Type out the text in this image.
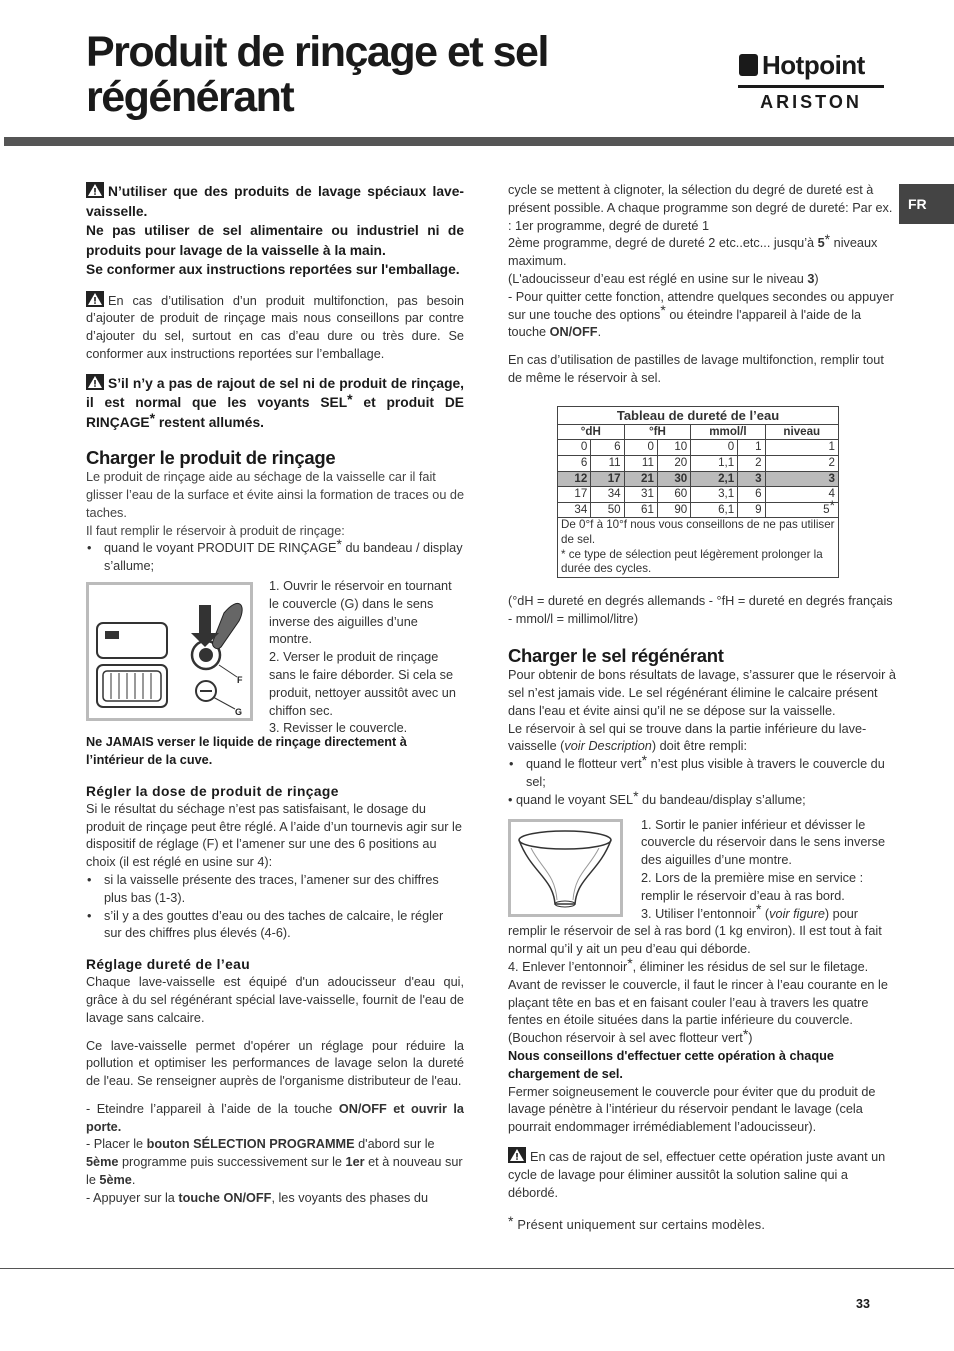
Produit de rinçage et sel
régénérant
Hotpoint
ARISTON
FR

N’utiliser que des produits de lavage spéciaux lave-vaisselle.
Ne pas utiliser de sel alimentaire ou industriel ni de produits pour lavage de la vaisselle à la main.
Se conformer aux instructions reportées sur l'emballage.

En cas d’utilisation d’un produit multifonction, pas besoin d’ajouter de produit de rinçage mais nous conseillons par contre d’ajouter du sel, surtout en cas d’eau dure ou très dure. Se conformer aux instructions reportées sur l’emballage.

S’il n’y a pas de rajout de sel ni de produit de rinçage, il est normal que les voyants SEL* et produit DE RINÇAGE* restent allumés.

Charger le produit de rinçage

Le produit de rinçage aide au séchage de la vaisselle car il fait glisser l’eau de la surface et évite ainsi la formation de traces ou de taches.

Il faut remplir le réservoir à produit de rinçage:

• quand le voyant PRODUIT DE RINÇAGE* du bandeau / display s’allume;
F
G

1. Ouvrir le réservoir en tournant le couvercle (G) dans le sens inverse des aiguilles d’une montre.

2. Verser le produit de rinçage sans le faire déborder. Si cela se produit, nettoyer aussitôt avec un chiffon sec.

3. Revisser le couvercle.

Ne JAMAIS verser le liquide de rinçage directement à l’intérieur de la cuve.

Régler la dose de produit de rinçage

Si le résultat du séchage n’est pas satisfaisant, le dosage du produit de rinçage peut être réglé. A l’aide d’un tournevis agir sur le dispositif de réglage (F) et l’amener sur une des 6 positions au choix (il est réglé en usine sur 4):

• si la vaisselle présente des traces, l’amener sur des chiffres plus bas (1-3).
• s’il y a des gouttes d’eau ou des taches de calcaire, le régler sur des chiffres plus élevés (4-6).
Réglage dureté de l’eau

Chaque lave-vaisselle est équipé d'un adoucisseur d'eau qui, grâce à du sel régénérant spécial lave-vaisselle, fournit de l'eau de lavage sans calcaire.

Ce lave-vaisselle permet d'opérer un réglage pour réduire la pollution et optimiser les performances de lavage selon la dureté de l'eau. Se renseigner auprès de l'organisme distributeur de l'eau.

- Eteindre l’appareil à l’aide de la touche ON/OFF et ouvrir la porte.

- Placer le bouton SÉLECTION PROGRAMME d'abord sur le 5ème programme puis successivement sur le 1er et à nouveau sur le 5ème.

- Appuyer sur la touche ON/OFF, les voyants des phases du

cycle se mettent à clignoter, la sélection du degré de dureté est à présent possible. A chaque programme son degré de dureté: Par ex. : 1er programme, degré de dureté 1

2ème programme, degré de dureté 2 etc..etc... jusqu’à 5* niveaux maximum.

(L'adoucisseur d’eau est réglé en usine sur le niveau 3)

- Pour quitter cette fonction, attendre quelques secondes ou appuyer sur une touche des options* ou éteindre l'appareil à l'aide de la touche ON/OFF.

En cas d’utilisation de pastilles de lavage multifonction, remplir tout de même le réservoir à sel.

Tableau de dureté de l’eau						
°dH		°fH		mmol/l		niveau
0	6	0	10	0	1	1
6	11	11	20	1,1	2	2
12	17	21	30	2,1	3	3
17	34	31	60	3,1	6	4
34	50	61	90	6,1	9	5*
De 0°f à 10°f nous vous conseillons de ne pas utiliser de sel.
* ce type de sélection peut légèrement prolonger la durée des cycles.						

(°dH = dureté en degrés allemands - °fH = dureté en degrés français - mmol/l = millimol/litre)

Charger le sel régénérant

Pour obtenir de bons résultats de lavage, s’assurer que le réservoir à sel n’est jamais vide. Le sel régénérant élimine le calcaire présent dans l'eau et évite ainsi qu’il ne se dépose sur la vaisselle.

Le réservoir à sel qui se trouve dans la partie inférieure du lave-vaisselle (voir Description) doit être rempli:

• quand le flotteur vert* n’est plus visible à travers le couvercle du sel;

• quand le voyant SEL* du bandeau/display s’allume;

1. Sortir le panier inférieur et dévisser le couvercle du réservoir dans le sens inverse des aiguilles d’une montre.

2. Lors de la première mise en service : remplir le réservoir d’eau à ras bord.

3. Utiliser l’entonnoir* (voir figure) pour remplir le réservoir de sel à ras bord (1 kg environ). Il est tout à fait normal qu’il y ait un peu d’eau qui déborde.

4. Enlever l’entonnoir*, éliminer les résidus de sel sur le filetage. Avant de revisser le couvercle, il faut le rincer à l’eau courante en le plaçant tête en bas et en faisant couler l’eau à travers les quatre fentes en étoile situées dans la partie inférieure du couvercle. (Bouchon réservoir à sel avec flotteur vert*)

Nous conseillons d'effectuer cette opération à chaque chargement de sel.

Fermer soigneusement le couvercle pour éviter que du produit de lavage pénètre à l’intérieur du réservoir pendant le lavage (cela pourrait endommager irrémédiablement l’adoucisseur).

En cas de rajout de sel, effectuer cette opération juste avant un cycle de lavage pour éliminer aussitôt la solution saline qui a débordé.

* Présent uniquement sur certains modèles.

33
